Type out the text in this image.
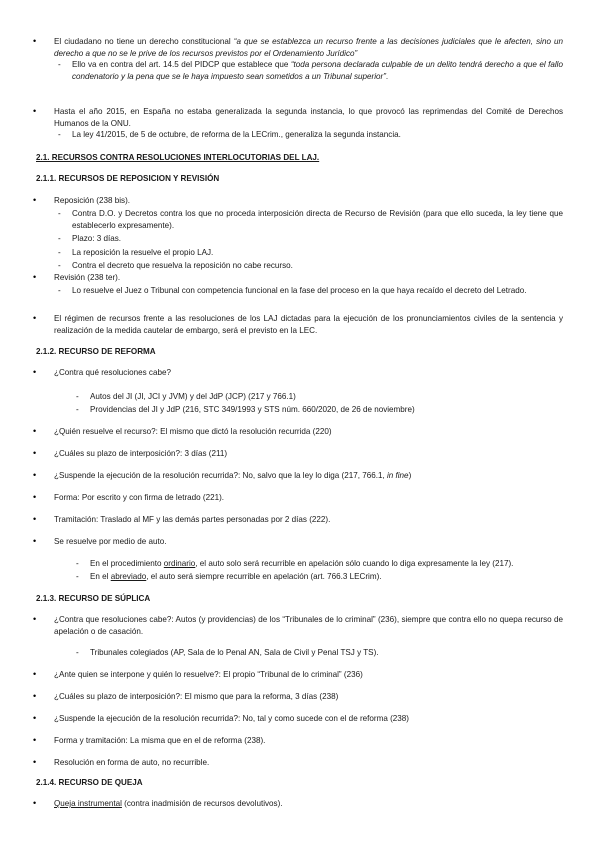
• El ciudadano no tiene un derecho constitucional “a que se establezca un recurso frente a las decisiones judiciales que le afecten, sino un derecho a que no se le prive de los recursos previstos por el Ordenamiento Jurídico”

- Ello va en contra del art. 14.5 del PIDCP que establece que “toda persona declarada culpable de un delito tendrá derecho a que el fallo condenatorio y la pena que se le haya impuesto sean sometidos a un Tribunal superior”.

• Hasta el año 2015, en España no estaba generalizada la segunda instancia, lo que provocó las reprimendas del Comité de Derechos Humanos de la ONU.

- La ley 41/2015, de 5 de octubre, de reforma de la LECrim., generaliza la segunda instancia.

2.1. RECURSOS CONTRA RESOLUCIONES INTERLOCUTORIAS DEL LAJ.

2.1.1. RECURSOS DE REPOSICION Y REVISIÓN

• Reposición (238 bis).

- Contra D.O. y Decretos contra los que no proceda interposición directa de Recurso de Revisión (para que ello suceda, la ley tiene que establecerlo expresamente).

- Plazo: 3 días.

- La reposición la resuelve el propio LAJ.

- Contra el decreto que resuelva la reposición no cabe recurso.

• Revisión (238 ter).

- Lo resuelve el Juez o Tribunal con competencia funcional en la fase del proceso en la que haya recaído el decreto del Letrado.

• El régimen de recursos frente a las resoluciones de los LAJ dictadas para la ejecución de los pronunciamientos civiles de la sentencia y realización de la medida cautelar de embargo, será el previsto en la LEC.

2.1.2. RECURSO DE REFORMA

• ¿Contra qué resoluciones cabe?

- Autos del JI (JI, JCI y JVM) y del JdP (JCP) (217 y 766.1)

- Providencias del JI y JdP (216, STC 349/1993 y STS núm. 660/2020, de 26 de noviembre)

• ¿Quién resuelve el recurso?: El mismo que dictó la resolución recurrida (220)

• ¿Cuáles su plazo de interposición?: 3 días (211)

• ¿Suspende la ejecución de la resolución recurrida?: No, salvo que la ley lo diga (217, 766.1, in fine)

• Forma: Por escrito y con firma de letrado (221).

• Tramitación: Traslado al MF y las demás partes personadas por 2 días (222).

• Se resuelve por medio de auto.

- En el procedimiento ordinario, el auto solo será recurrible en apelación sólo cuando lo diga expresamente la ley (217).

- En el abreviado, el auto será siempre recurrible en apelación (art. 766.3 LECrim).

2.1.3. RECURSO DE SÚPLICA

• ¿Contra que resoluciones cabe?: Autos (y providencias) de los “Tribunales de lo criminal” (236), siempre que contra ello no quepa recurso de apelación o de casación.

- Tribunales colegiados (AP, Sala de lo Penal AN, Sala de Civil y Penal TSJ y TS).

• ¿Ante quien se interpone y quién lo resuelve?: El propio “Tribunal de lo criminal” (236)

• ¿Cuáles su plazo de interposición?: El mismo que para la reforma, 3 días (238)

• ¿Suspende la ejecución de la resolución recurrida?: No, tal y como sucede con el de reforma (238)

• Forma y tramitación: La misma que en el de reforma (238).

• Resolución en forma de auto, no recurrible.

2.1.4. RECURSO DE QUEJA

• Queja instrumental (contra inadmisión de recursos devolutivos).
